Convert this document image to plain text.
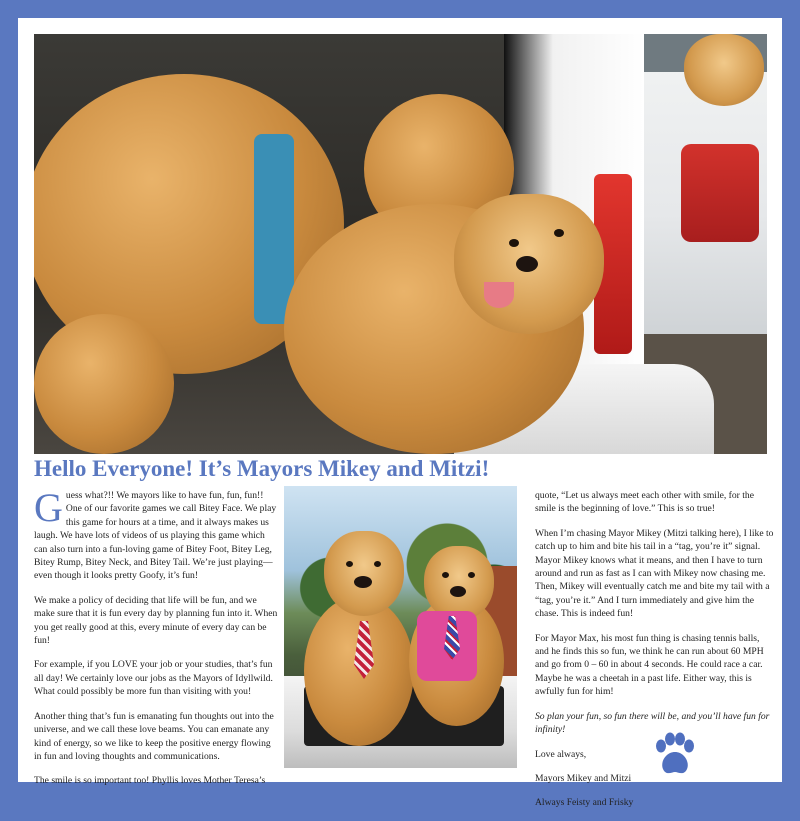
Hello Everyone! It’s Mayors Mikey and Mitzi!

Guess what?!! We mayors like to have fun, fun, fun!! One of our favorite games we call Bitey Face. We play this game for hours at a time, and it always makes us laugh. We have lots of videos of us playing this game which can also turn into a fun-loving game of Bitey Foot, Bitey Leg, Bitey Rump, Bitey Neck, and Bitey Tail. We’re just playing—even though it looks pretty Goofy, it’s fun!

We make a policy of deciding that life will be fun, and we make sure that it is fun every day by planning fun into it. When you get really good at this, every minute of every day can be fun!

For example, if you LOVE your job or your studies, that’s fun all day! We certainly love our jobs as the Mayors of Idyllwild. What could possibly be more fun than visiting with you!

Another thing that’s fun is emanating fun thoughts out into the universe, and we call these love beams. You can emanate any kind of energy, so we like to keep the positive energy flowing in fun and loving thoughts and communications.

The smile is so important too! Phyllis loves Mother Teresa’s

quote, “Let us always meet each other with smile, for the smile is the beginning of love.” This is so true!

When I’m chasing Mayor Mikey (Mitzi talking here), I like to catch up to him and bite his tail in a “tag, you’re it” signal. Mayor Mikey knows what it means, and then I have to turn around and run as fast as I can with Mikey now chasing me. Then, Mikey will eventually catch me and bite my tail with a “tag, you’re it.” And I turn immediately and give him the chase. This is indeed fun!

For Mayor Max, his most fun thing is chasing tennis balls, and he finds this so fun, we think he can run about 60 MPH and go from 0 – 60 in about 4 seconds. He could race a car. Maybe he was a cheetah in a past life. Either way, this is awfully fun for him!

So plan your fun, so fun there will be, and you’ll have fun for infinity!

Love always,

Mayors Mikey and Mitzi

Always Feisty and Frisky
